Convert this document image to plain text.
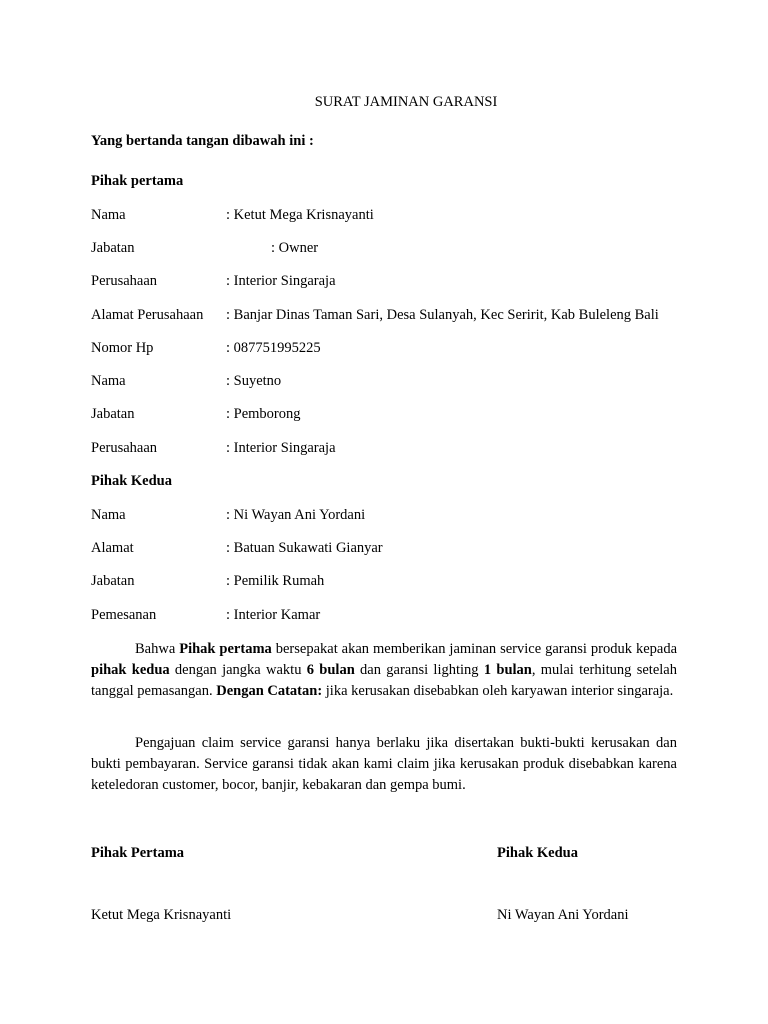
SURAT JAMINAN GARANSI
Yang bertanda tangan dibawah ini :
Pihak pertama
Nama	: Ketut Mega Krisnayanti
Jabatan	: Owner
Perusahaan	: Interior Singaraja
Alamat Perusahaan : Banjar Dinas Taman Sari, Desa Sulanyah, Kec Seririt, Kab Buleleng Bali
Nomor Hp	: 087751995225
Nama	: Suyetno
Jabatan	: Pemborong
Perusahaan	: Interior Singaraja
Pihak Kedua
Nama	: Ni Wayan Ani Yordani
Alamat	: Batuan Sukawati Gianyar
Jabatan	: Pemilik Rumah
Pemesanan	: Interior Kamar
Bahwa Pihak pertama bersepakat akan memberikan jaminan service garansi produk kepada pihak kedua dengan jangka waktu 6 bulan dan garansi lighting 1 bulan, mulai terhitung setelah tanggal pemasangan. Dengan Catatan: jika kerusakan disebabkan oleh karyawan interior singaraja.
Pengajuan claim service garansi hanya berlaku jika disertakan bukti-bukti kerusakan dan bukti pembayaran. Service garansi tidak akan kami claim jika kerusakan produk disebabkan karena keteledoran customer, bocor, banjir, kebakaran dan gempa bumi.
Pihak Pertama	Pihak Kedua
Ketut Mega Krisnayanti	Ni Wayan Ani Yordani
